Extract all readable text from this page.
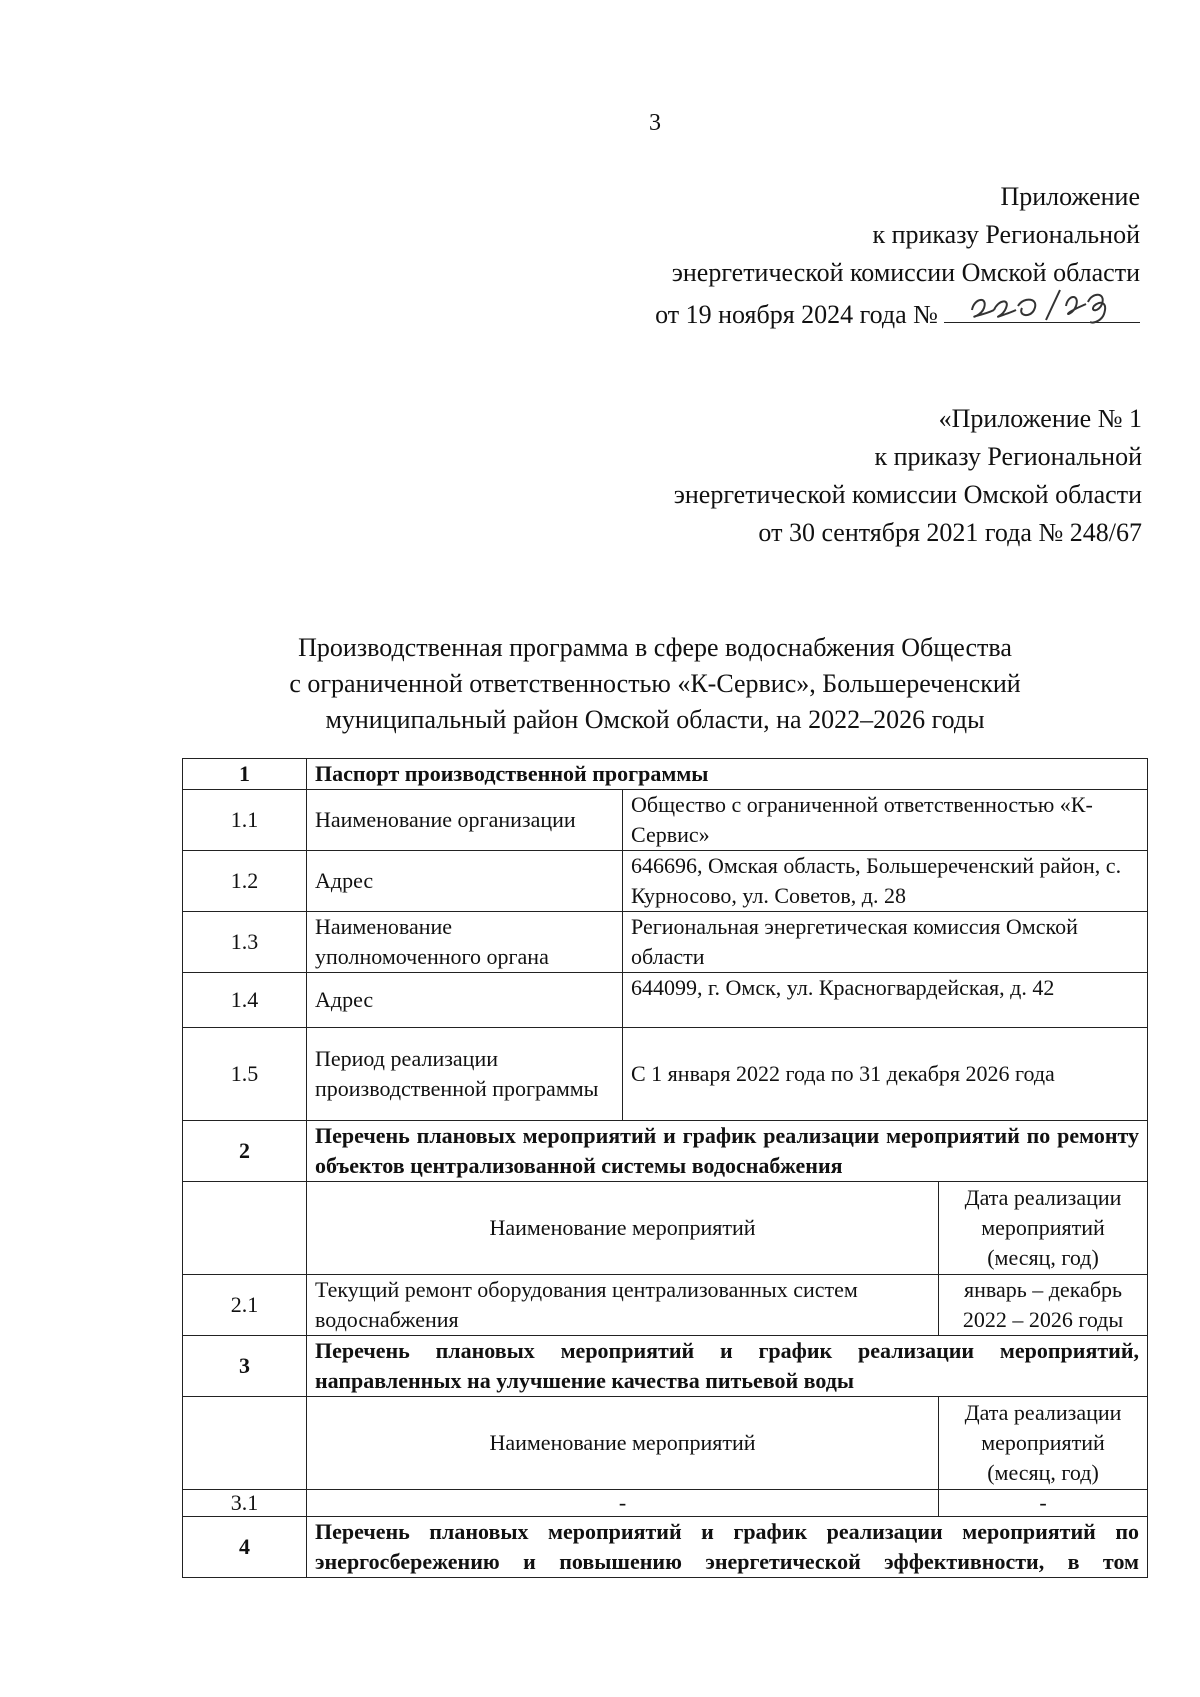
3
Приложение
к приказу Региональной
энергетической комиссии Омской области
от 19 ноября 2024 года №
«Приложение № 1
к приказу Региональной
энергетической комиссии Омской области
от 30 сентября 2021 года № 248/67
Производственная программа в сфере водоснабжения Общества
с ограниченной ответственностью «К-Сервис», Большереченский
муниципальный район Омской области, на 2022–2026 годы
1	Паспорт производственной программы		
1.1	Наименование организации	Общество с ограниченной ответственностью «К-Сервис»	
1.2	Адрес	646696, Омская область, Большереченский район, с. Курносово, ул. Советов, д. 28	
1.3	Наименование уполномоченного органа	Региональная энергетическая комиссия Омской области	
1.4	Адрес	644099, г. Омск, ул. Красногвардейская, д. 42	
1.5	Период реализации производственной программы	С 1 января 2022 года по 31 декабря 2026 года	
2	Перечень плановых мероприятий и график реализации мероприятий по ремонту объектов централизованной системы водоснабжения		
	Наименование мероприятий		Дата реализации мероприятий (месяц, год)
2.1	Текущий ремонт оборудования централизованных систем водоснабжения		январь – декабрь 2022 – 2026 годы
3	Перечень плановых мероприятий и график реализации мероприятий, направленных на улучшение качества питьевой воды		
	Наименование мероприятий		Дата реализации мероприятий (месяц, год)
3.1	-		-
4	Перечень плановых мероприятий и график реализации мероприятий по энергосбережению и повышению энергетической эффективности, в том		
